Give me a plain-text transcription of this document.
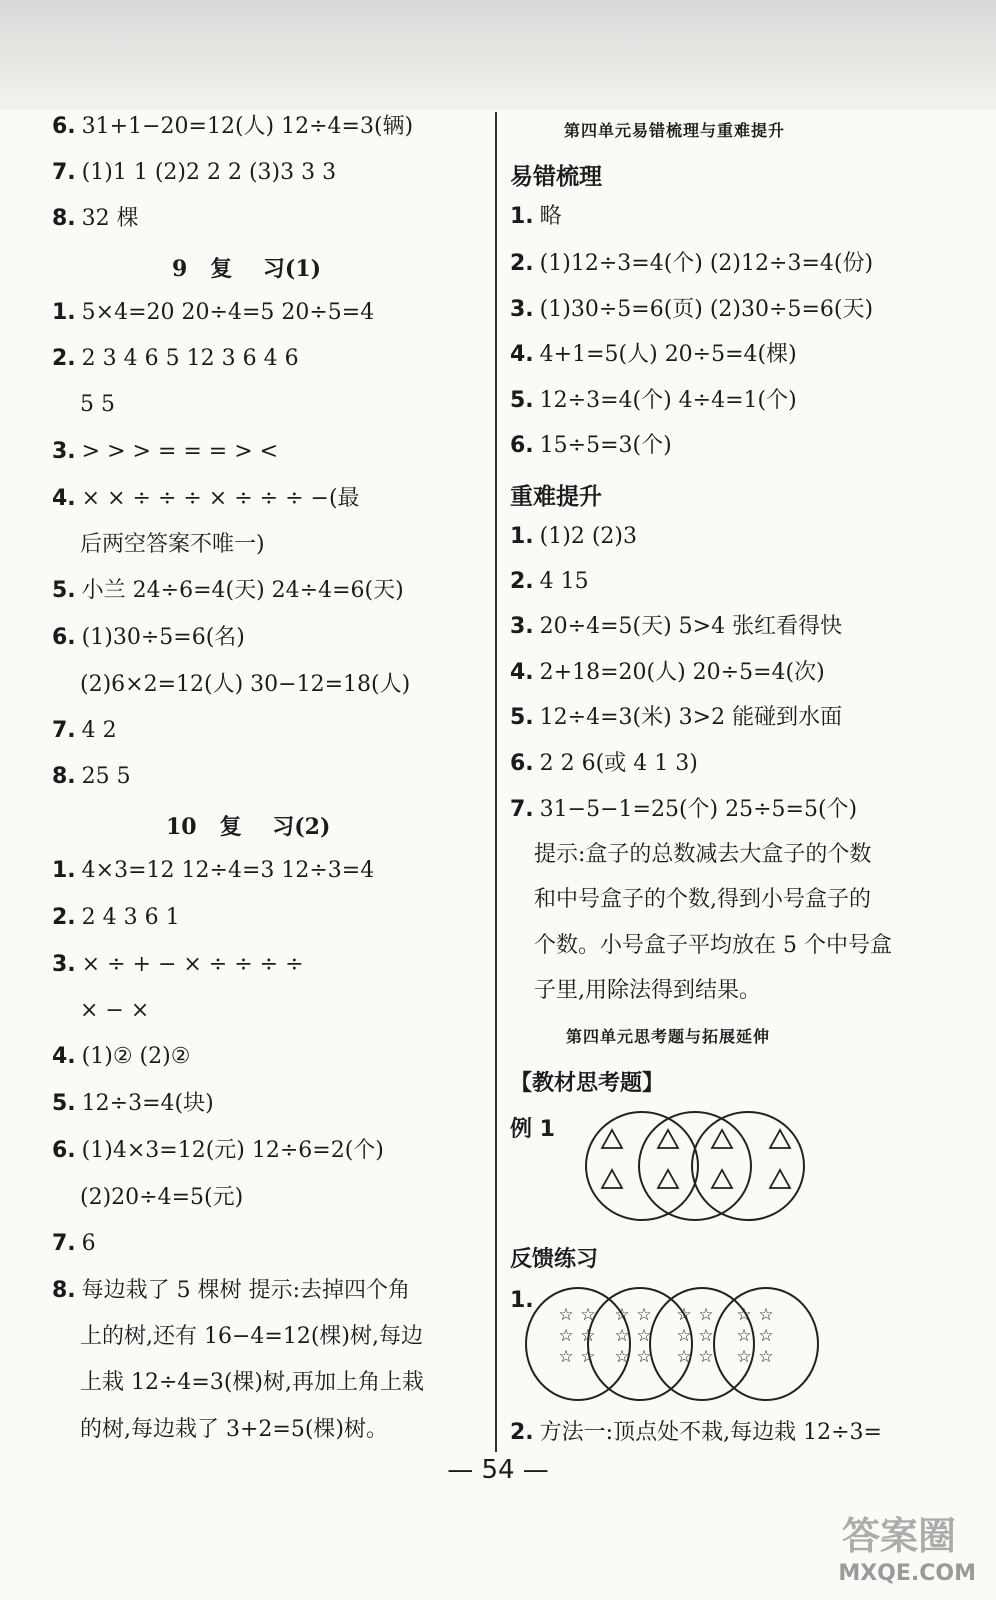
6. 31+1−20=12(人) 12÷4=3(辆)
7. (1)1 1 (2)2 2 2 (3)3 3 3
8. 32 棵
9   复    习(1)
1. 5×4=20 20÷4=5 20÷5=4
2. 2 3 4 6 5 12 3 6 4 6
5 5
3. > > > = = = > <
4. × × ÷ ÷ ÷ × ÷ ÷ ÷ −(最
后两空答案不唯一)
5. 小兰 24÷6=4(天) 24÷4=6(天)
6. (1)30÷5=6(名)
(2)6×2=12(人) 30−12=18(人)
7. 4 2
8. 25 5
10   复    习(2)
1. 4×3=12 12÷4=3 12÷3=4
2. 2 4 3 6 1
3. × ÷ + − × ÷ ÷ ÷ ÷
× − ×
4. (1)② (2)②
5. 12÷3=4(块)
6. (1)4×3=12(元) 12÷6=2(个)
(2)20÷4=5(元)
7. 6
8. 每边栽了 5 棵树 提示:去掉四个角
上的树,还有 16−4=12(棵)树,每边
上栽 12÷4=3(棵)树,再加上角上栽
的树,每边栽了 3+2=5(棵)树。
第四单元易错梳理与重难提升
易错梳理
1. 略
2. (1)12÷3=4(个) (2)12÷3=4(份)
3. (1)30÷5=6(页) (2)30÷5=6(天)
4. 4+1=5(人) 20÷5=4(棵)
5. 12÷3=4(个) 4÷4=1(个)
6. 15÷5=3(个)
重难提升
1. (1)2 (2)3
2. 4 15
3. 20÷4=5(天) 5>4 张红看得快
4. 2+18=20(人) 20÷5=4(次)
5. 12÷4=3(米) 3>2 能碰到水面
6. 2 2 6(或 4 1 3)
7. 31−5−1=25(个) 25÷5=5(个)
提示:盒子的总数减去大盒子的个数
和中号盒子的个数,得到小号盒子的
个数。小号盒子平均放在 5 个中号盒
子里,用除法得到结果。
第四单元思考题与拓展延伸
【教材思考题】
例 1
反馈练习
1.
☆ ☆
☆ ☆
☆ ☆
☆ ☆
☆ ☆
☆ ☆
☆ ☆
☆ ☆
☆ ☆
☆ ☆
☆ ☆
☆ ☆
2. 方法一:顶点处不栽,每边栽 12÷3=
— 54 —
答案圈
MXQE.COM
